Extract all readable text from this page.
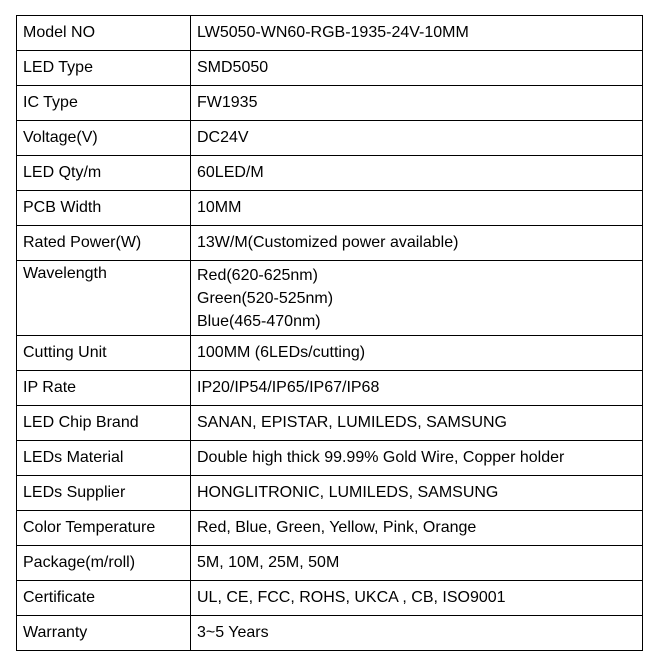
Model NO	LW5050-WN60-RGB-1935-24V-10MM
LED Type	SMD5050
IC Type	FW1935
Voltage(V)	DC24V
LED Qty/m	60LED/M
PCB Width	10MM
Rated Power(W)	13W/M(Customized power available)
Wavelength	Red(620-625nm)
Green(520-525nm)
Blue(465-470nm)

Cutting Unit	100MM (6LEDs/cutting)
IP Rate	IP20/IP54/IP65/IP67/IP68
LED Chip Brand	SANAN, EPISTAR, LUMILEDS, SAMSUNG
LEDs Material	Double high thick 99.99% Gold Wire, Copper holder
LEDs Supplier	HONGLITRONIC, LUMILEDS, SAMSUNG
Color Temperature	Red, Blue, Green, Yellow, Pink, Orange
Package(m/roll)	5M, 10M, 25M, 50M
Certificate	UL, CE, FCC, ROHS, UKCA , CB, ISO9001
Warranty	3~5 Years
